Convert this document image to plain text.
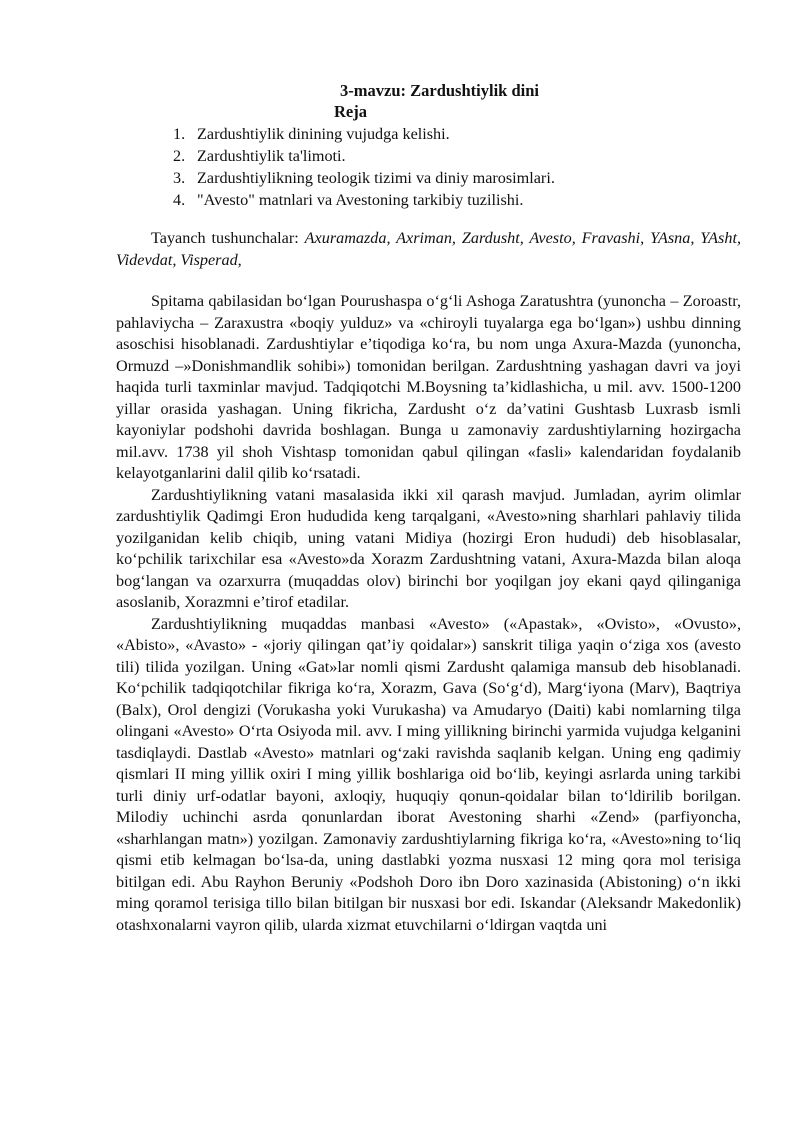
3-mavzu: Zardushtiylik dini
Reja
1. Zardushtiylik dinining vujudga kelishi.
2. Zardushtiylik ta'limoti.
3. Zardushtiylikning teologik tizimi va diniy marosimlari.
4. "Avesto" matnlari va Avestoning tarkibiy tuzilishi.

Tayanch tushunchalar: Axuramazda, Axriman, Zardusht, Avesto, Fravashi, YAsna, YAsht, Videvdat, Visperad,

Spitama qabilasidan bo‘lgan Pourushaspa o‘g‘li Ashoga Zaratushtra (yunoncha – Zoroastr, pahlaviycha – Zaraxustra «boqiy yulduz» va «chiroyli tuyalarga ega bo‘lgan») ushbu dinning asoschisi hisoblanadi. Zardushtiylar e’tiqodiga ko‘ra, bu nom unga Axura-Mazda (yunoncha, Ormuzd –»Donishmandlik sohibi») tomonidan berilgan. Zardushtning yashagan davri va joyi haqida turli taxminlar mavjud. Tadqiqotchi M.Boysning ta’kidlashicha, u mil. avv. 1500-1200 yillar orasida yashagan. Uning fikricha, Zardusht o‘z da’vatini Gushtasb Luxrasb ismli kayoniylar podshohi davrida boshlagan. Bunga u zamonaviy zardushtiylarning hozirgacha mil.avv. 1738 yil shoh Vishtasp tomonidan qabul qilingan «fasli» kalendaridan foydalanib kelayotganlarini dalil qilib ko‘rsatadi.

Zardushtiylikning vatani masalasida ikki xil qarash mavjud. Jumladan, ayrim olimlar zardushtiylik Qadimgi Eron hududida keng tarqalgani, «Avesto»ning sharhlari pahlaviy tilida yozilganidan kelib chiqib, uning vatani Midiya (hozirgi Eron hududi) deb hisoblasalar, ko‘pchilik tarixchilar esa «Avesto»da Xorazm Zardushtning vatani, Axura-Mazda bilan aloqa bog‘langan va ozarxurra (muqaddas olov) birinchi bor yoqilgan joy ekani qayd qilinganiga asoslanib, Xorazmni e’tirof etadilar.

Zardushtiylikning muqaddas manbasi «Avesto» («Apastak», «Ovisto», «Ovusto», «Abisto», «Avasto» - «joriy qilingan qat’iy qoidalar») sanskrit tiliga yaqin o‘ziga xos (avesto tili) tilida yozilgan. Uning «Gat»lar nomli qismi Zardusht qalamiga mansub deb hisoblanadi. Ko‘pchilik tadqiqotchilar fikriga ko‘ra, Xorazm, Gava (So‘g‘d), Marg‘iyona (Marv), Baqtriya (Balx), Orol dengizi (Vorukasha yoki Vurukasha) va Amudaryo (Daiti) kabi nomlarning tilga olingani «Avesto» O‘rta Osiyoda mil. avv. I ming yillikning birinchi yarmida vujudga kelganini tasdiqlaydi. Dastlab «Avesto» matnlari og‘zaki ravishda saqlanib kelgan. Uning eng qadimiy qismlari II ming yillik oxiri I ming yillik boshlariga oid bo‘lib, keyingi asrlarda uning tarkibi turli diniy urf-odatlar bayoni, axloqiy, huquqiy qonun-qoidalar bilan to‘ldirilib borilgan. Milodiy uchinchi asrda qonunlardan iborat Avestoning sharhi «Zend» (parfiyoncha, «sharhlangan matn») yozilgan. Zamonaviy zardushtiylarning fikriga ko‘ra, «Avesto»ning to‘liq qismi etib kelmagan bo‘lsa-da, uning dastlabki yozma nusxasi 12 ming qora mol terisiga bitilgan edi. Abu Rayhon Beruniy «Podshoh Doro ibn Doro xazinasida (Abistoning) o‘n ikki ming qoramol terisiga tillo bilan bitilgan bir nusxasi bor edi. Iskandar (Aleksandr Makedonlik) otashxonalarni vayron qilib, ularda xizmat etuvchilarni o‘ldirgan vaqtda uni
